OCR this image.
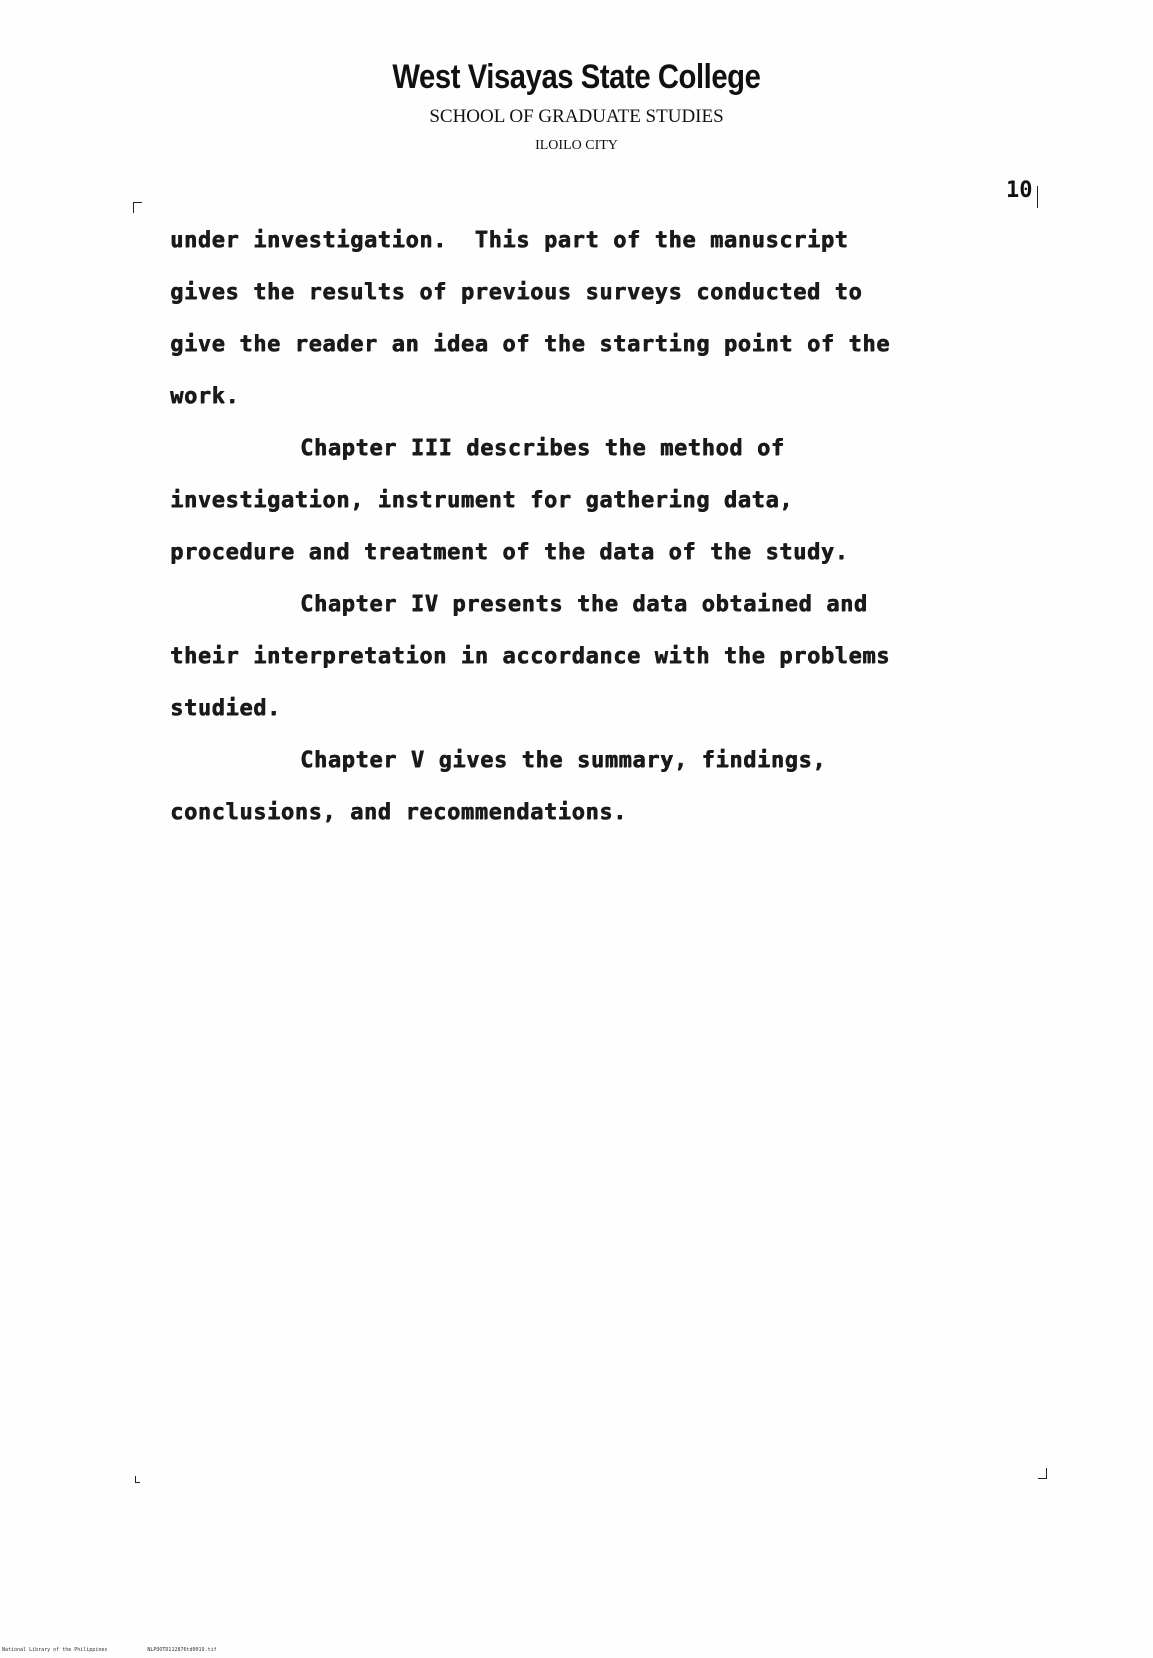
West Visayas State College
SCHOOL OF GRADUATE STUDIES
ILOILO CITY
10
under investigation.  This part of the manuscript
gives the results of previous surveys conducted to
give the reader an idea of the starting point of the
work.
Chapter III describes the method of
investigation, instrument for gathering data,
procedure and treatment of the data of the study.
Chapter IV presents the data obtained and
their interpretation in accordance with the problems
studied.
Chapter V gives the summary, findings,
conclusions, and recommendations.
National Library of the Philippines	NLPOOTD112876td0019.tif
